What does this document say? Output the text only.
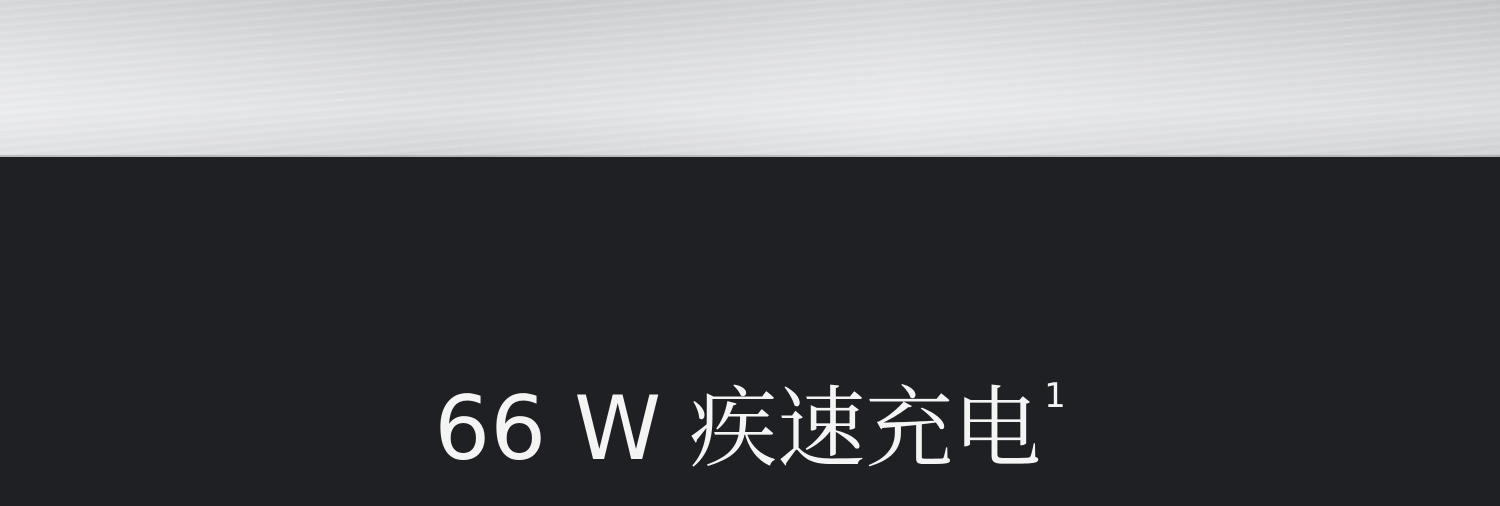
66 W 疾速充电$^1$
